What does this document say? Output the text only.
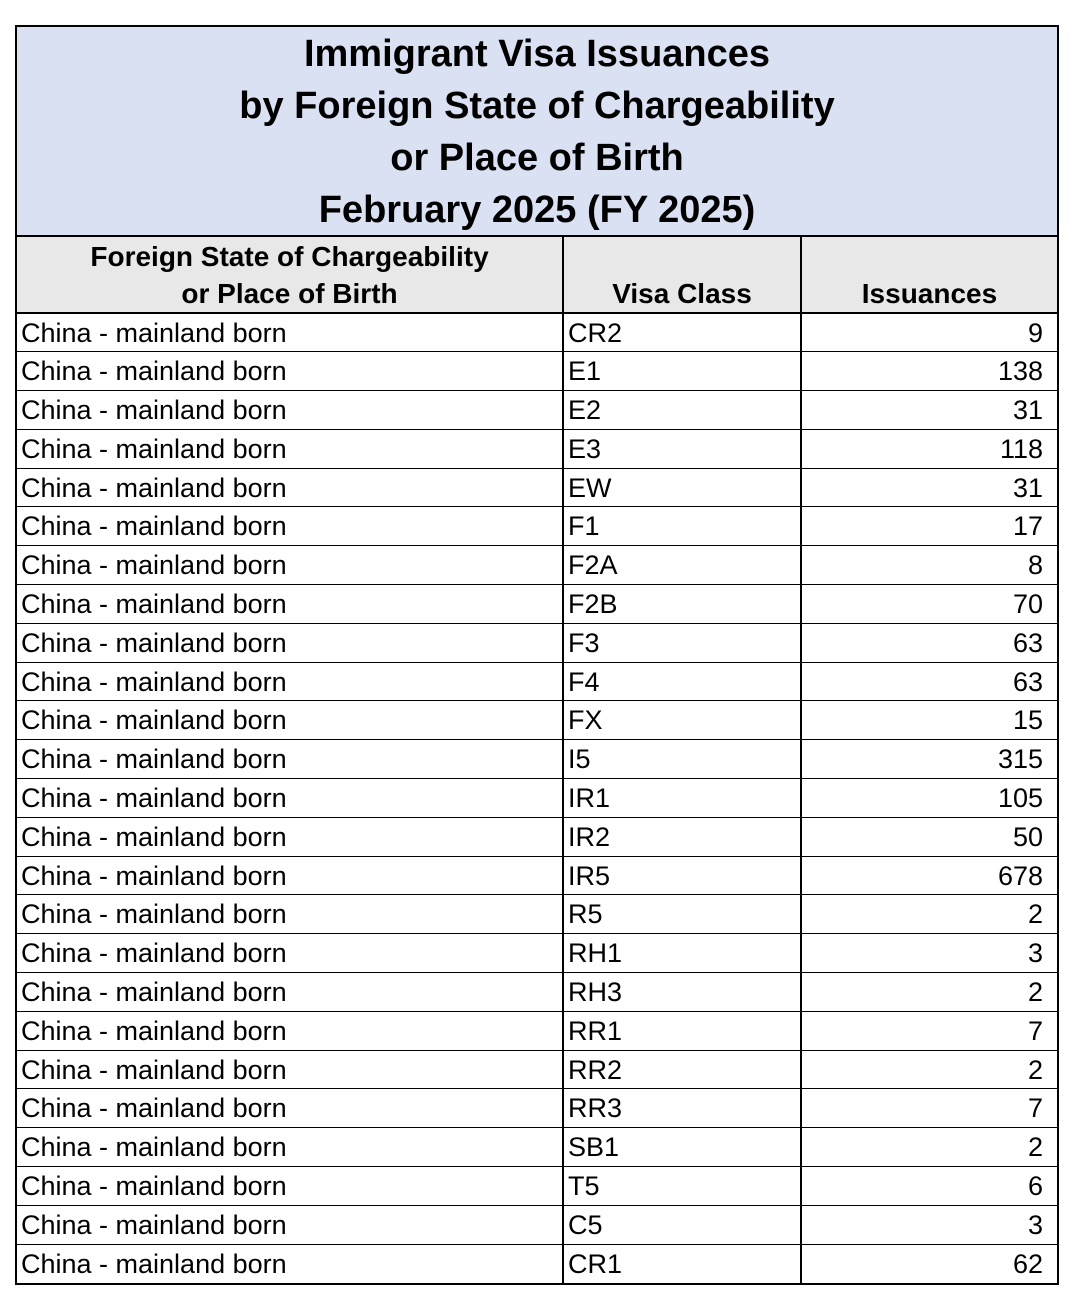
Immigrant Visa Issuances
by Foreign State of Chargeability
or Place of Birth
February 2025 (FY 2025)
Foreign State of Chargeability
or Place of Birth	Visa Class	Issuances
China - mainland born	CR2	9
China - mainland born	E1	138
China - mainland born	E2	31
China - mainland born	E3	118
China - mainland born	EW	31
China - mainland born	F1	17
China - mainland born	F2A	8
China - mainland born	F2B	70
China - mainland born	F3	63
China - mainland born	F4	63
China - mainland born	FX	15
China - mainland born	I5	315
China - mainland born	IR1	105
China - mainland born	IR2	50
China - mainland born	IR5	678
China - mainland born	R5	2
China - mainland born	RH1	3
China - mainland born	RH3	2
China - mainland born	RR1	7
China - mainland born	RR2	2
China - mainland born	RR3	7
China - mainland born	SB1	2
China - mainland born	T5	6
China - mainland born	C5	3
China - mainland born	CR1	62
